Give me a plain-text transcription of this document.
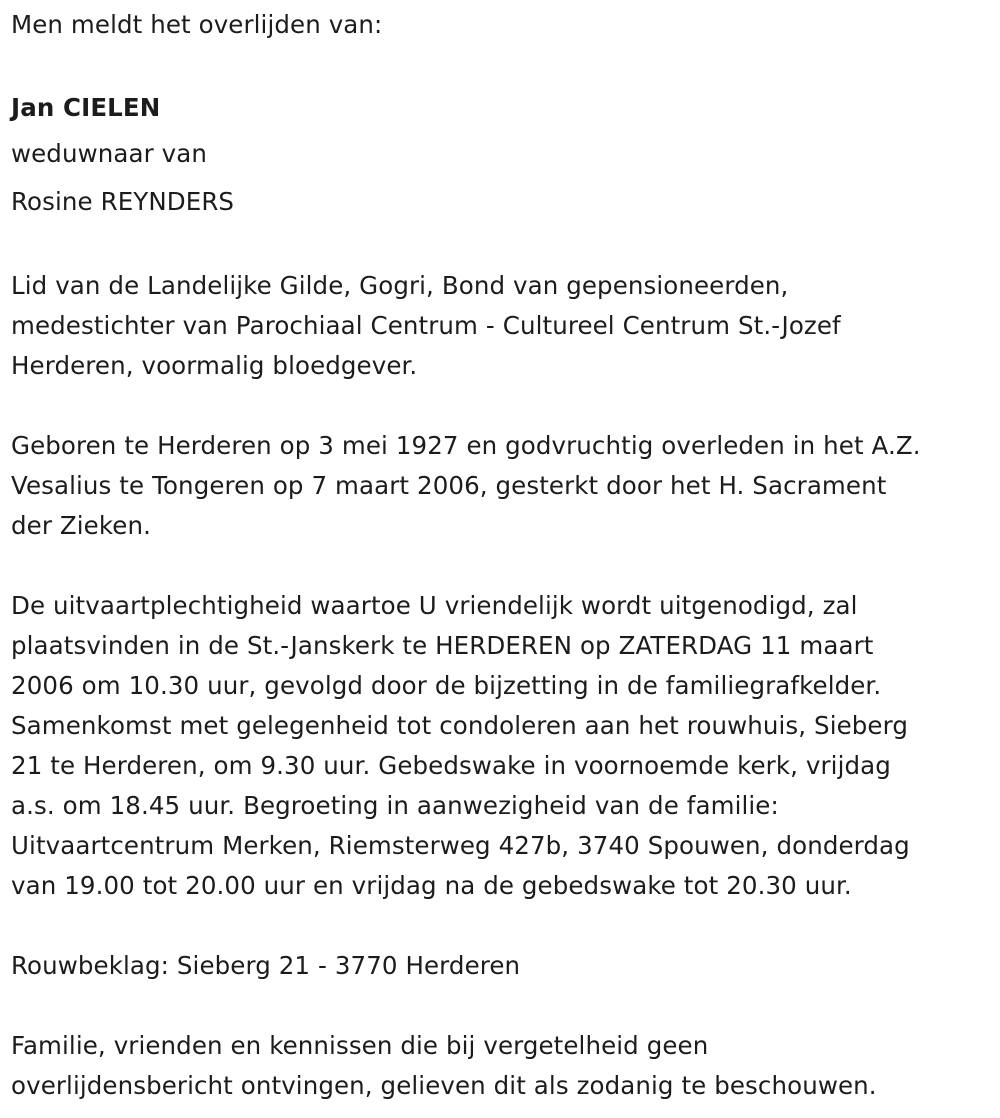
Men meldt het overlijden van:
Jan CIELEN
weduwnaar van
Rosine REYNDERS
Lid van de Landelijke Gilde, Gogri, Bond van gepensioneerden,
medestichter van Parochiaal Centrum - Cultureel Centrum St.-Jozef
Herderen, voormalig bloedgever.
Geboren te Herderen op 3 mei 1927 en godvruchtig overleden in het A.Z.
Vesalius te Tongeren op 7 maart 2006, gesterkt door het H. Sacrament
der Zieken.
De uitvaartplechtigheid waartoe U vriendelijk wordt uitgenodigd, zal
plaatsvinden in de St.-Janskerk te HERDEREN op ZATERDAG 11 maart
2006 om 10.30 uur, gevolgd door de bijzetting in de familiegrafkelder.
Samenkomst met gelegenheid tot condoleren aan het rouwhuis, Sieberg
21 te Herderen, om 9.30 uur. Gebedswake in voornoemde kerk, vrijdag
a.s. om 18.45 uur. Begroeting in aanwezigheid van de familie:
Uitvaartcentrum Merken, Riemsterweg 427b, 3740 Spouwen, donderdag
van 19.00 tot 20.00 uur en vrijdag na de gebedswake tot 20.30 uur.
Rouwbeklag: Sieberg 21 - 3770 Herderen
Familie, vrienden en kennissen die bij vergetelheid geen
overlijdensbericht ontvingen, gelieven dit als zodanig te beschouwen.
